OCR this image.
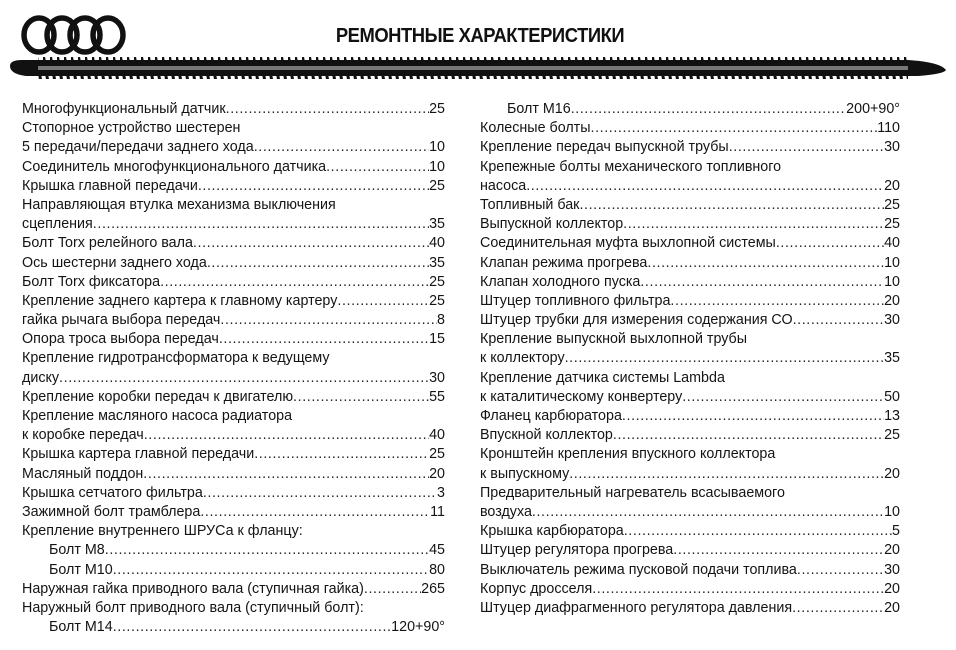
РЕМОНТНЫЕ ХАРАКТЕРИСТИКИ
Многофункциональный датчик .....	25
Стопорное устройство шестерен
5 передачи/передачи заднего хода .....	10
Соединитель многофункционального датчика .....	10
Крышка главной передачи .....	25
Направляющая втулка механизма выключения
сцепления .....	35
Болт Torx релейного вала .....	40
Ось шестерни заднего хода .....	35
Болт Torx фиксатора .....	25
Крепление заднего картера к главному картеру .....	25
гайка рычага выбора передач .....	8
Опора троса выбора передач .....	15
Крепление гидротрансформатора к ведущему
диску .....	30
Крепление коробки передач к двигателю .....	55
Крепление масляного насоса радиатора
к коробке передач .....	40
Крышка картера главной передачи .....	25
Масляный поддон .....	20
Крышка сетчатого фильтра .....	3
Зажимной болт трамблера .....	11
Крепление внутреннего ШРУСа к фланцу:
Болт М8 .....	45
Болт М10 .....	80
Наружная гайка приводного вала (ступичная гайка) .....	265
Наружный болт приводного вала (ступичный болт):
Болт М14 .....	120+90°
Болт М16 .....	200+90°
Колесные болты .....	110
Крепление передач выпускной трубы .....	30
Крепежные болты механического топливного
насоса .....	20
Топливный бак .....	25
Выпускной коллектор .....	25
Соединительная муфта выхлопной системы .....	40
Клапан режима прогрева .....	10
Клапан холодного пуска .....	10
Штуцер топливного фильтра .....	20
Штуцер трубки для измерения содержания СО .....	30
Крепление выпускной выхлопной трубы
к коллектору .....	35
Крепление датчика системы Lambda
к каталитическому конвертеру .....	50
Фланец карбюратора .....	13
Впускной коллектор .....	25
Кронштейн крепления впускного коллектора
к выпускному .....	20
Предварительный нагреватель всасываемого
воздуха .....	10
Крышка карбюратора .....	5
Штуцер регулятора прогрева .....	20
Выключатель режима пусковой подачи топлива .....	30
Корпус дросселя .....	20
Штуцер диафрагменного регулятора давления .....	20
